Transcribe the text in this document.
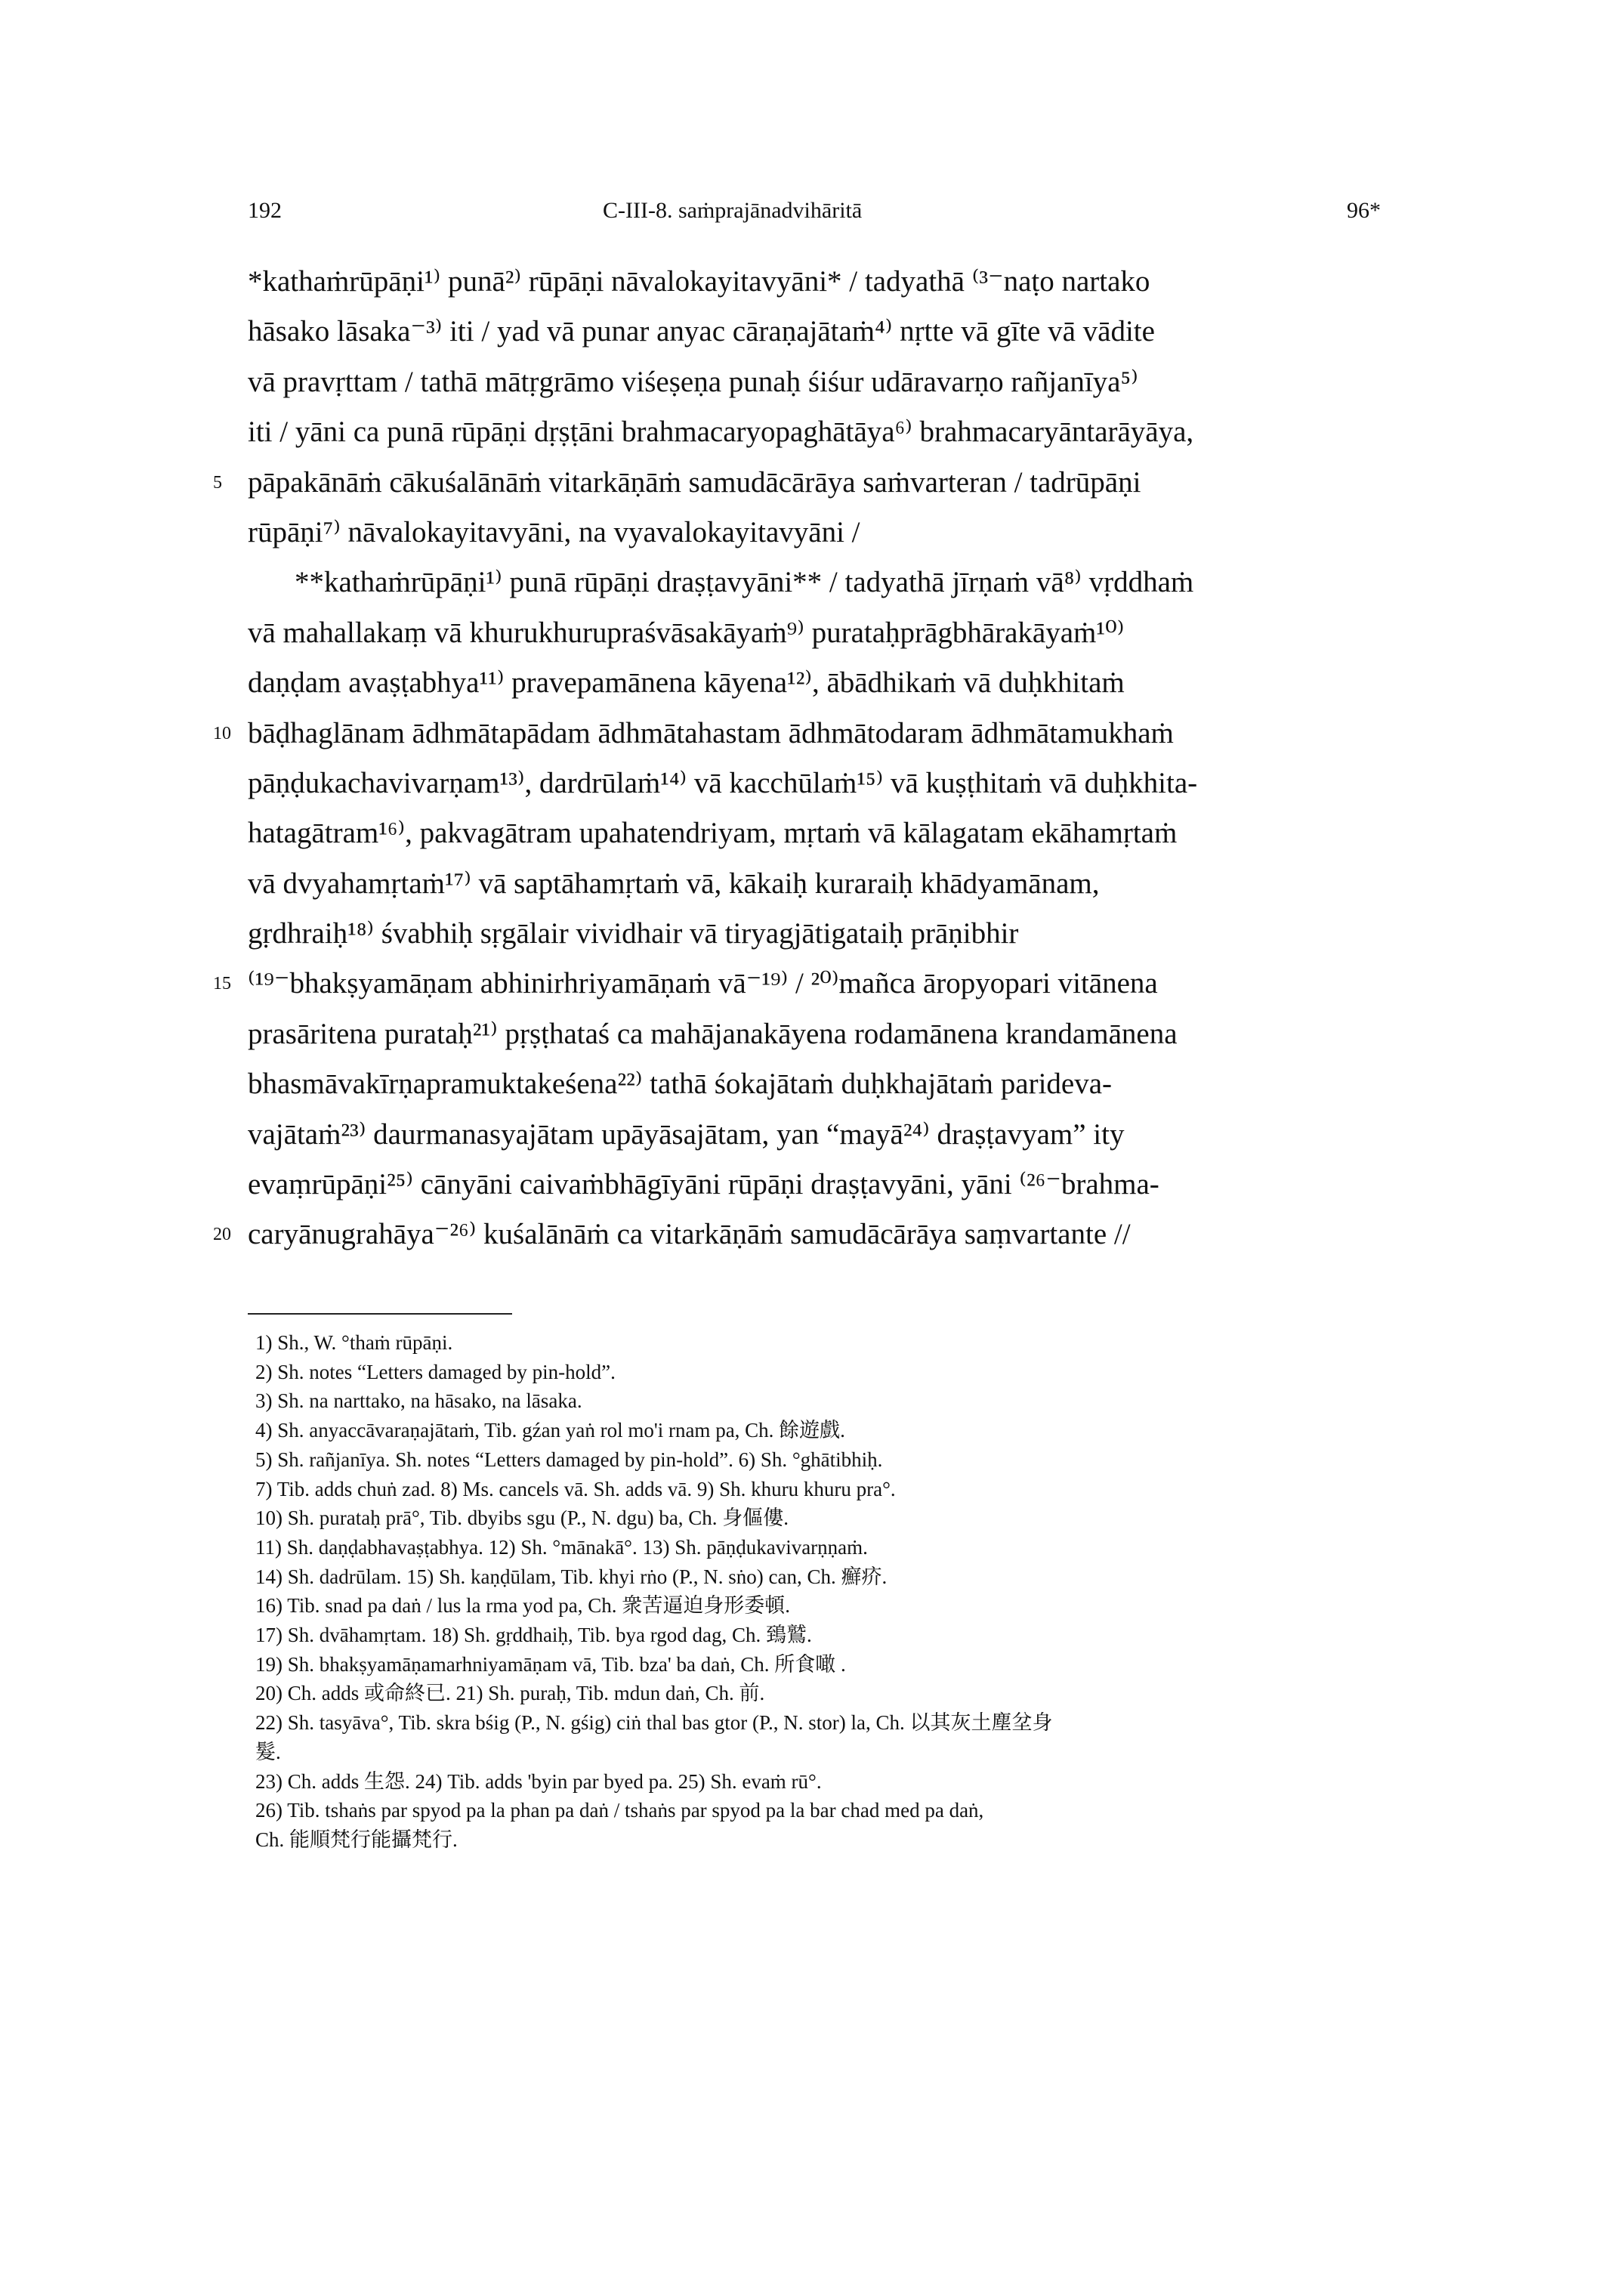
192	C-III-8. saṁprajānadvihāritā	96*
*kathaṁrūpāṇi¹⁾ punā²⁾ rūpāṇi nāvalokayitavyāni* / tadyathā ⁽³⁻naṭo nartako
hāsako lāsaka⁻³⁾ iti / yad vā punar anyac cāraṇajātaṁ⁴⁾ nṛtte vā gīte vā vādite
vā pravṛttam / tathā mātṛgrāmo viśeṣeṇa punaḥ śiśur udāravarṇo rañjanīya⁵⁾
iti / yāni ca punā rūpāṇi dṛṣṭāni brahmacaryopaghātāya⁶⁾ brahmacaryāntarāyāya,
5 pāpakānāṁ cākuśalānāṁ vitarkāṇāṁ samudācārāya saṁvarteran / tadrūpāṇi
rūpāṇi⁷⁾ nāvalokayitavyāni, na vyavalokayitavyāni /
**kathaṁrūpāṇi¹⁾ punā rūpāṇi draṣṭavyāni** / tadyathā jīrṇaṁ vā⁸⁾ vṛddhaṁ
vā mahallakaṃ vā khurukhurupraśvāsakāyaṁ⁹⁾ purataḥprāgbhārakāyaṁ¹⁰⁾
daṇḍam avaṣṭabhya¹¹⁾ pravepamānena kāyena¹²⁾, ābādhikaṁ vā duḥkhitaṁ
10 bāḍhaglānam ādhmātapādam ādhmātahastam ādhmātodaram ādhmātamukhaṁ
pāṇḍukachavivarṇam¹³⁾, dardrūlaṁ¹⁴⁾ vā kacchūlaṁ¹⁵⁾ vā kuṣṭhitaṁ vā duḥkhita-
hatagātram¹⁶⁾, pakvagātram upahatendriyam, mṛtaṁ vā kālagatam ekāhamṛtaṁ
vā dvyahamṛtaṁ¹⁷⁾ vā saptāhamṛtaṁ vā, kākaiḥ kuraraiḥ khādyamānam,
gṛdhraiḥ¹⁸⁾ śvabhiḥ sṛgālair vividhair vā tiryagjātigataiḥ prāṇibhir
15 ⁽¹⁹⁻bhakṣyamāṇam abhinirhriyamāṇaṁ vā⁻¹⁹⁾ / ²⁰⁾mañca āropyopari vitānena
prasāritena purataḥ²¹⁾ pṛṣṭhataś ca mahājanakāyena rodamānena krandamānena
bhasmāvakīrṇapramuktakeśena²²⁾ tathā śokajātaṁ duḥkhajātaṁ parideva-
vajātaṁ²³⁾ daurmanasyajātam upāyāsajātam, yan “mayā²⁴⁾ draṣṭavyam” ity
evaṃrūpāṇi²⁵⁾ cānyāni caivaṁbhāgīyāni rūpāṇi draṣṭavyāni, yāni ⁽²⁶⁻brahma-
20 caryānugrahāya⁻²⁶⁾ kuśalānāṁ ca vitarkāṇāṁ samudācārāya saṃvartante //
1) Sh., W. °thaṁ rūpāṇi.
2) Sh. notes “Letters damaged by pin-hold”.
3) Sh. na narttako, na hāsako, na lāsaka.
4) Sh. anyaccāvaraṇajātaṁ, Tib. gźan yaṅ rol mo'i rnam pa, Ch. 餘遊戲.
5) Sh. rañjanīya. Sh. notes “Letters damaged by pin-hold”. 6) Sh. °ghātibhiḥ.
7) Tib. adds chuṅ zad. 8) Ms. cancels vā. Sh. adds vā. 9) Sh. khuru khuru pra°.
10) Sh. purataḥ prā°, Tib. dbyibs sgu (P., N. dgu) ba, Ch. 身傴僂.
11) Sh. daṇḍabhavaṣṭabhya. 12) Sh. °mānakā°. 13) Sh. pāṇḍukavivarṇṇaṁ.
14) Sh. dadrūlam. 15) Sh. kaṇḍūlam, Tib. khyi rṅo (P., N. sṅo) can, Ch. 癬疥.
16) Tib. snad pa daṅ / lus la rma yod pa, Ch. 衆苦逼迫身形委頓.
17) Sh. dvāhamṛtam. 18) Sh. gṛddhaiḥ, Tib. bya rgod dag, Ch. 鵄鷲.
19) Sh. bhakṣyamāṇamarhniyamāṇam vā, Tib. bza' ba daṅ, Ch. 所食噉 .
20) Ch. adds 或命終已. 21) Sh. puraḥ, Tib. mdun daṅ, Ch. 前.
22) Sh. tasyāva°, Tib. skra bśig (P., N. gśig) ciṅ thal bas gtor (P., N. stor) la, Ch. 以其灰土塵坌身
髮.
23) Ch. adds 生怨. 24) Tib. adds 'byin par byed pa. 25) Sh. evaṁ rū°.
26) Tib. tshaṅs par spyod pa la phan pa daṅ / tshaṅs par spyod pa la bar chad med pa daṅ,
Ch. 能順梵行能攝梵行.
